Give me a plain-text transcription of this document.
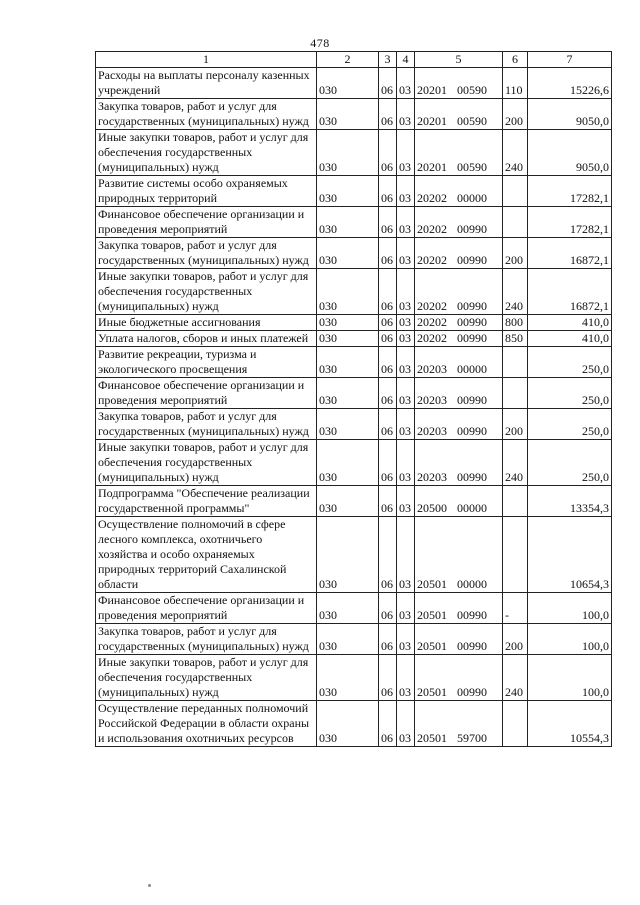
478
1	2	3	4	5	6	7
Расходы на выплаты персоналу казенных учреждений	030	06	03	20201 00590	110	15226,6
Закупка товаров, работ и услуг для государственных (муниципальных) нужд	030	06	03	20201 00590	200	9050,0
Иные закупки товаров, работ и услуг для обеспечения государственных (муниципальных) нужд	030	06	03	20201 00590	240	9050,0
Развитие системы особо охраняемых природных территорий	030	06	03	20202 00000		17282,1
Финансовое обеспечение организации и проведения мероприятий	030	06	03	20202 00990		17282,1
Закупка товаров, работ и услуг для государственных (муниципальных) нужд	030	06	03	20202 00990	200	16872,1
Иные закупки товаров, работ и услуг для обеспечения государственных (муниципальных) нужд	030	06	03	20202 00990	240	16872,1
Иные бюджетные ассигнования	030	06	03	20202 00990	800	410,0
Уплата налогов, сборов и иных платежей	030	06	03	20202 00990	850	410,0
Развитие рекреации, туризма и экологического просвещения	030	06	03	20203 00000		250,0
Финансовое обеспечение организации и проведения мероприятий	030	06	03	20203 00990		250,0
Закупка товаров, работ и услуг для государственных (муниципальных) нужд	030	06	03	20203 00990	200	250,0
Иные закупки товаров, работ и услуг для обеспечения государственных (муниципальных) нужд	030	06	03	20203 00990	240	250,0
Подпрограмма "Обеспечение реализации государственной программы"	030	06	03	20500 00000		13354,3
Осуществление полномочий в сфере лесного комплекса, охотничьего хозяйства и особо охраняемых природных территорий Сахалинской области	030	06	03	20501 00000		10654,3
Финансовое обеспечение организации и проведения мероприятий	030	06	03	20501 00990	-	100,0
Закупка товаров, работ и услуг для государственных (муниципальных) нужд	030	06	03	20501 00990	200	100,0
Иные закупки товаров, работ и услуг для обеспечения государственных (муниципальных) нужд	030	06	03	20501 00990	240	100,0
Осуществление переданных полномочий Российской Федерации в области охраны и использования охотничьих ресурсов	030	06	03	20501 59700		10554,3
